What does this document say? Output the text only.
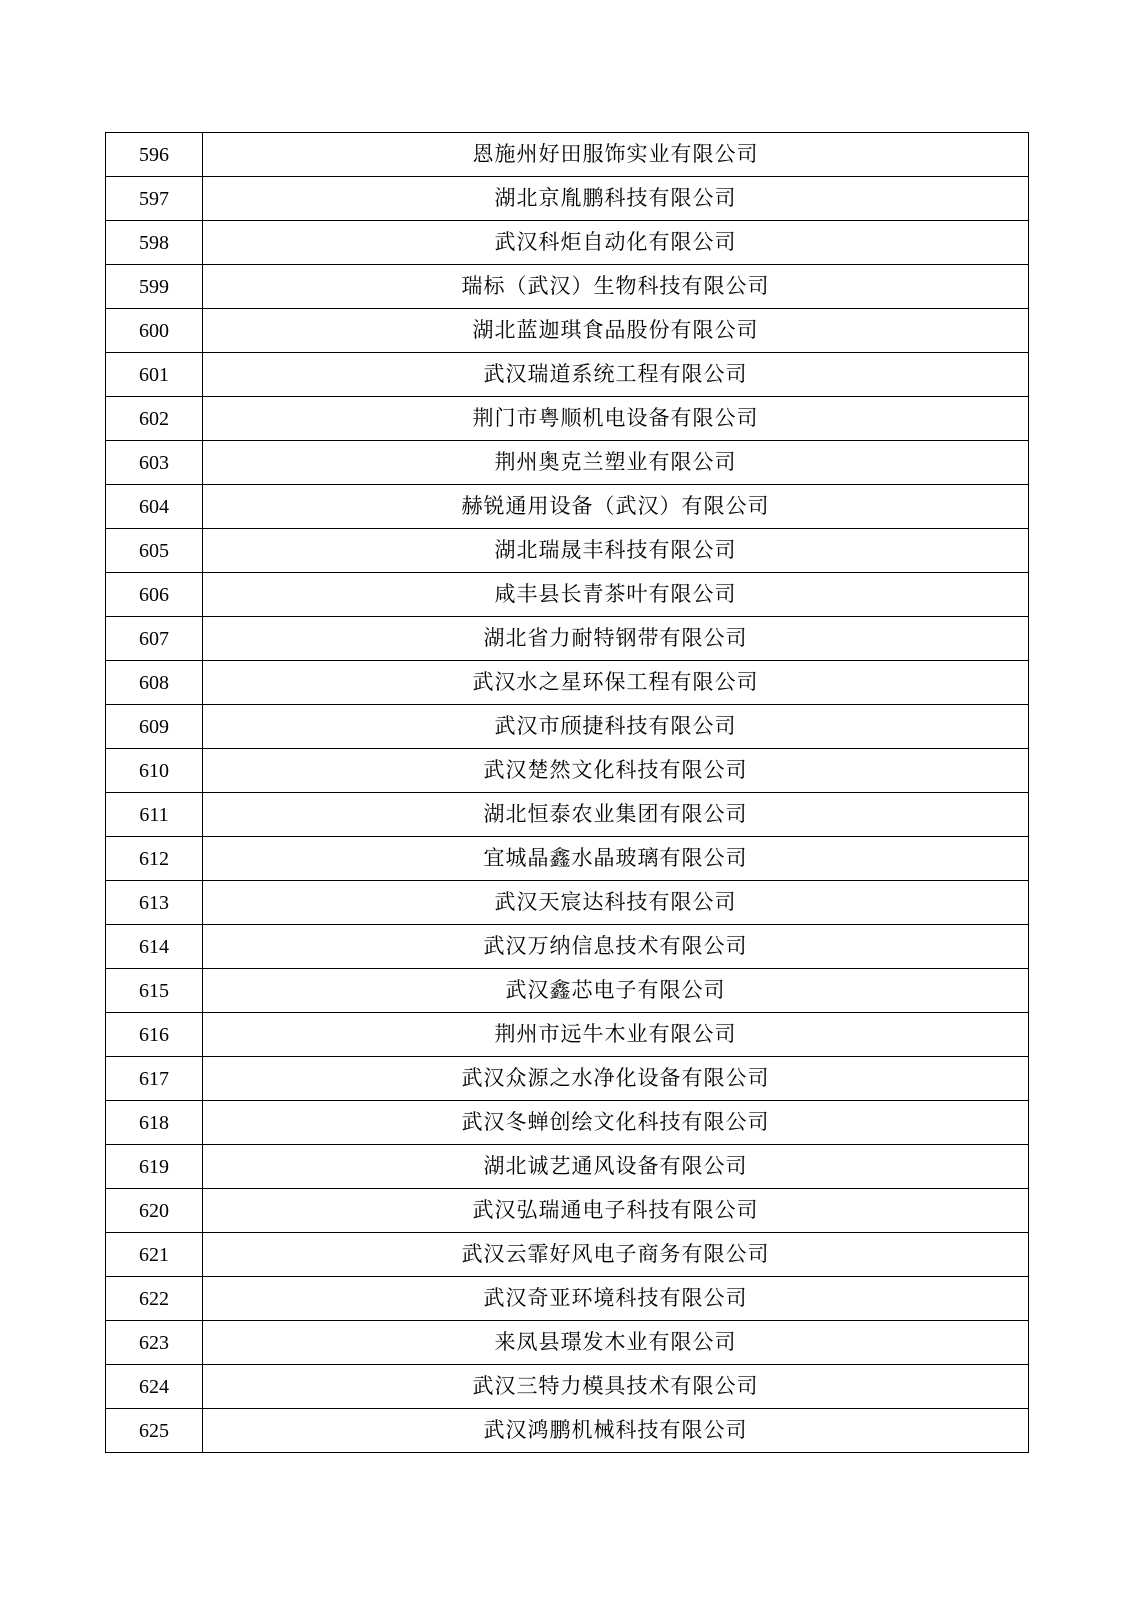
596	恩施州好田服饰实业有限公司
597	湖北京胤鹏科技有限公司
598	武汉科炬自动化有限公司
599	瑞标（武汉）生物科技有限公司
600	湖北蓝迦琪食品股份有限公司
601	武汉瑞道系统工程有限公司
602	荆门市粤顺机电设备有限公司
603	荆州奥克兰塑业有限公司
604	赫锐通用设备（武汉）有限公司
605	湖北瑞晟丰科技有限公司
606	咸丰县长青茶叶有限公司
607	湖北省力耐特钢带有限公司
608	武汉水之星环保工程有限公司
609	武汉市颀捷科技有限公司
610	武汉楚然文化科技有限公司
611	湖北恒泰农业集团有限公司
612	宜城晶鑫水晶玻璃有限公司
613	武汉天宸达科技有限公司
614	武汉万纳信息技术有限公司
615	武汉鑫芯电子有限公司
616	荆州市远牛木业有限公司
617	武汉众源之水净化设备有限公司
618	武汉冬蝉创绘文化科技有限公司
619	湖北诚艺通风设备有限公司
620	武汉弘瑞通电子科技有限公司
621	武汉云霏好风电子商务有限公司
622	武汉奇亚环境科技有限公司
623	来凤县璟发木业有限公司
624	武汉三特力模具技术有限公司
625	武汉鸿鹏机械科技有限公司
